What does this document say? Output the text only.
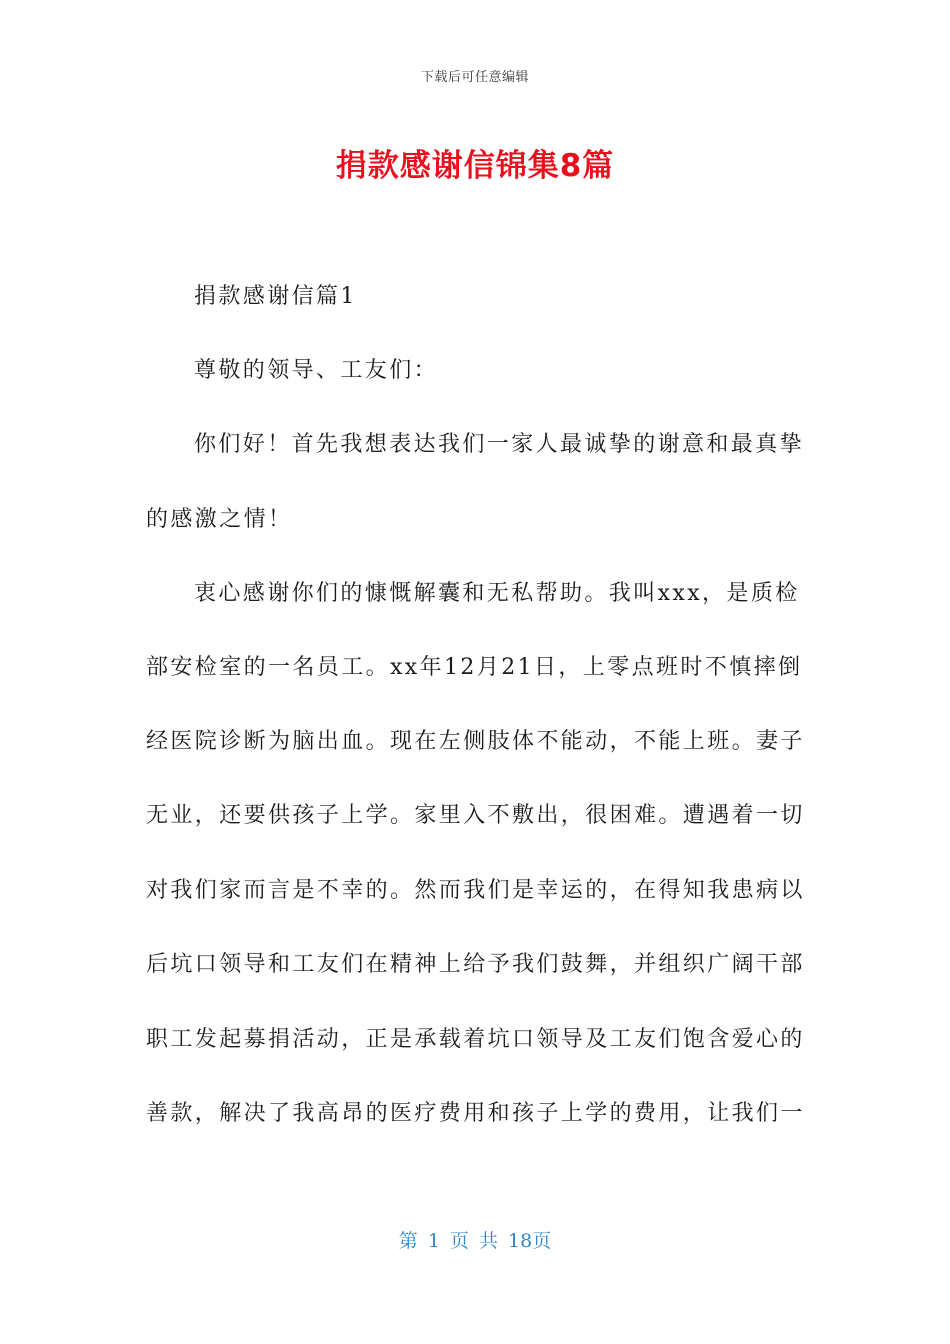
下载后可任意编辑
捐款感谢信锦集8篇
捐款感谢信篇1
尊敬的领导、工友们：
你们好！首先我想表达我们一家人最诚挚的谢意和最真挚
的感激之情！
衷心感谢你们的慷慨解囊和无私帮助。我叫xxx，是质检
部安检室的一名员工。xx年12月21日，上零点班时不慎摔倒
经医院诊断为脑出血。现在左侧肢体不能动，不能上班。妻子
无业，还要供孩子上学。家里入不敷出，很困难。遭遇着一切
对我们家而言是不幸的。然而我们是幸运的，在得知我患病以
后坑口领导和工友们在精神上给予我们鼓舞，并组织广阔干部
职工发起募捐活动，正是承载着坑口领导及工友们饱含爱心的
善款，解决了我高昂的医疗费用和孩子上学的费用，让我们一
第 1 页 共 18页
